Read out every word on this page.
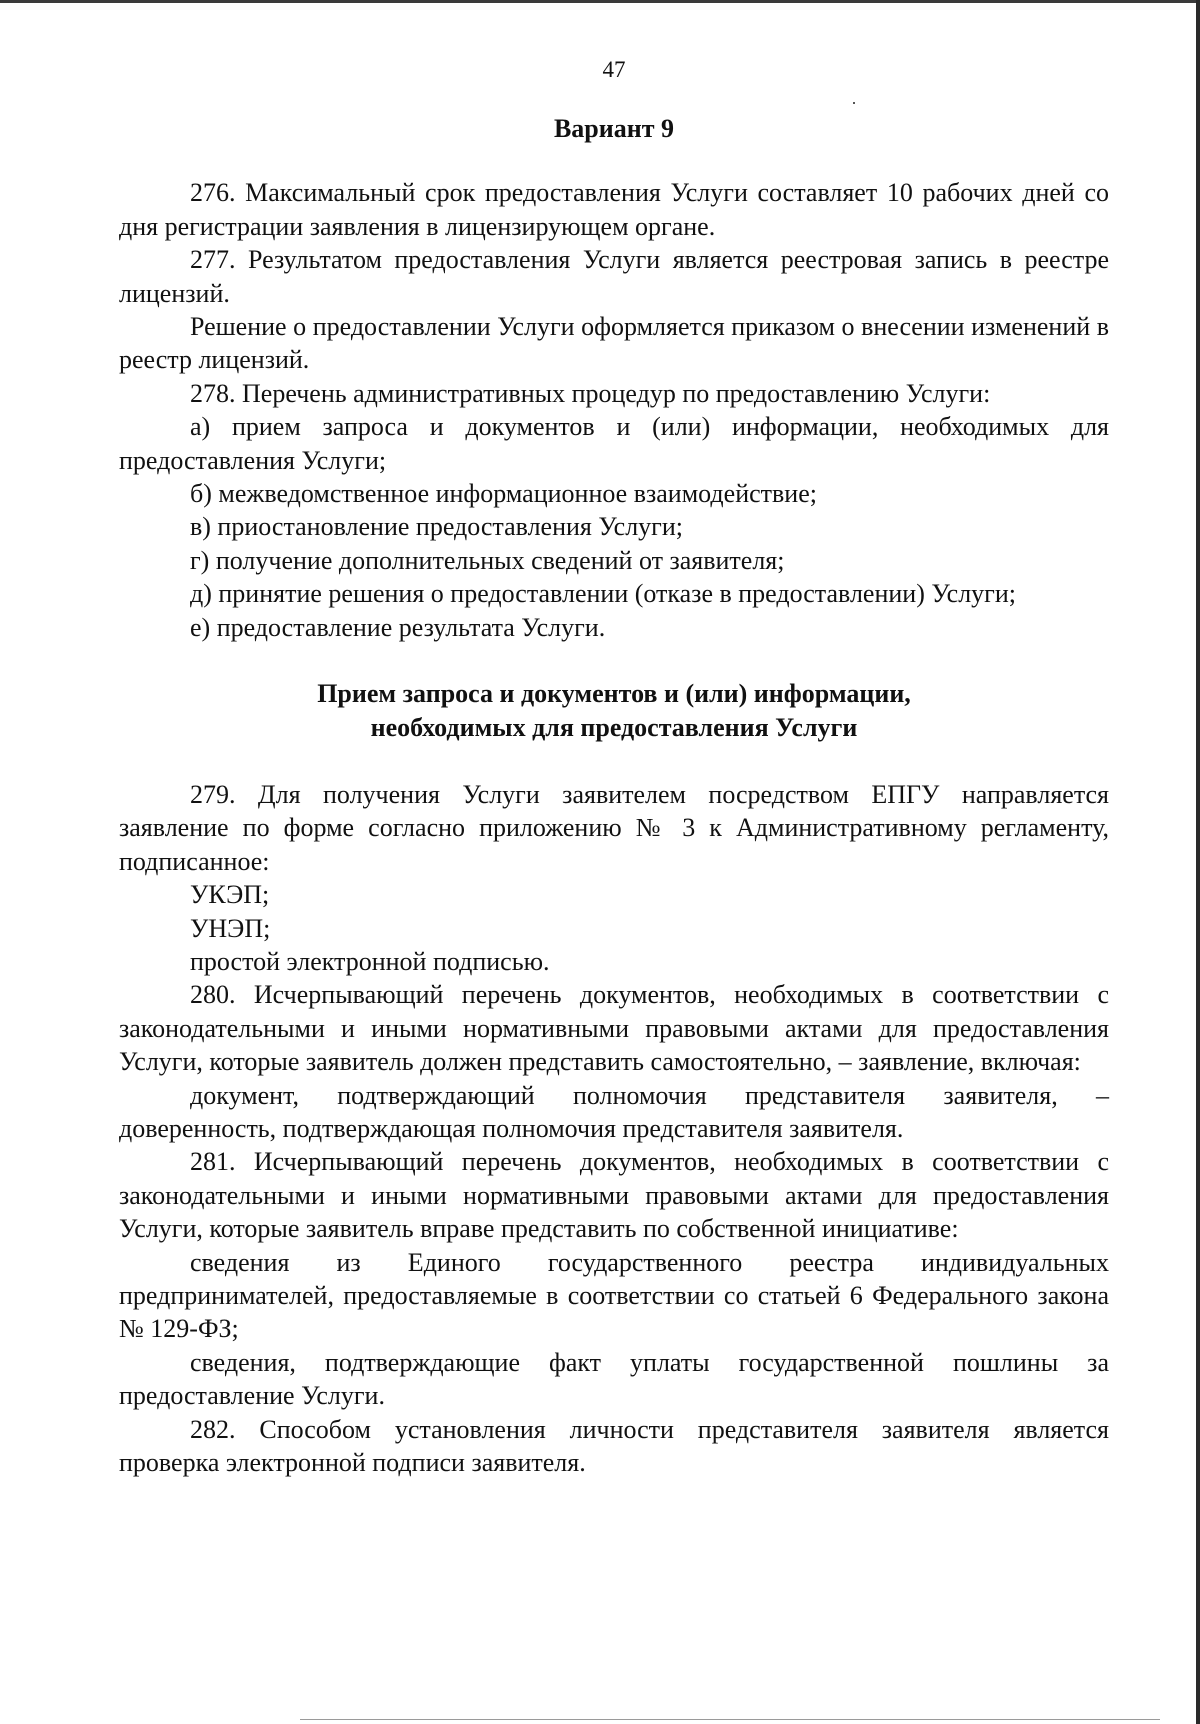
47
Вариант 9

276. Максимальный срок предоставления Услуги составляет 10 рабочих дней со дня регистрации заявления в лицензирующем органе.

277. Результатом предоставления Услуги является реестровая запись в реестре лицензий.

Решение о предоставлении Услуги оформляется приказом о внесении изменений в реестр лицензий.

278. Перечень административных процедур по предоставлению Услуги:

а) прием запроса и документов и (или) информации, необходимых для предоставления Услуги;

б) межведомственное информационное взаимодействие;

в) приостановление предоставления Услуги;

г) получение дополнительных сведений от заявителя;

д) принятие решения о предоставлении (отказе в предоставлении) Услуги;

е) предоставление результата Услуги.

Прием запроса и документов и (или) информации,
необходимых для предоставления Услуги

279. Для получения Услуги заявителем посредством ЕПГУ направляется заявление по форме согласно приложению № 3 к Административному регламенту, подписанное:

УКЭП;

УНЭП;

простой электронной подписью.

280. Исчерпывающий перечень документов, необходимых в соответствии с законодательными и иными нормативными правовыми актами для предоставления Услуги, которые заявитель должен представить самостоятельно, – заявление, включая:

документ, подтверждающий полномочия представителя заявителя, – доверенность, подтверждающая полномочия представителя заявителя.

281. Исчерпывающий перечень документов, необходимых в соответствии с законодательными и иными нормативными правовыми актами для предоставления Услуги, которые заявитель вправе представить по собственной инициативе:

сведения из Единого государственного реестра индивидуальных предпринимателей, предоставляемые в соответствии со статьей 6 Федерального закона № 129-ФЗ;

сведения, подтверждающие факт уплаты государственной пошлины за предоставление Услуги.

282. Способом установления личности представителя заявителя является проверка электронной подписи заявителя.
